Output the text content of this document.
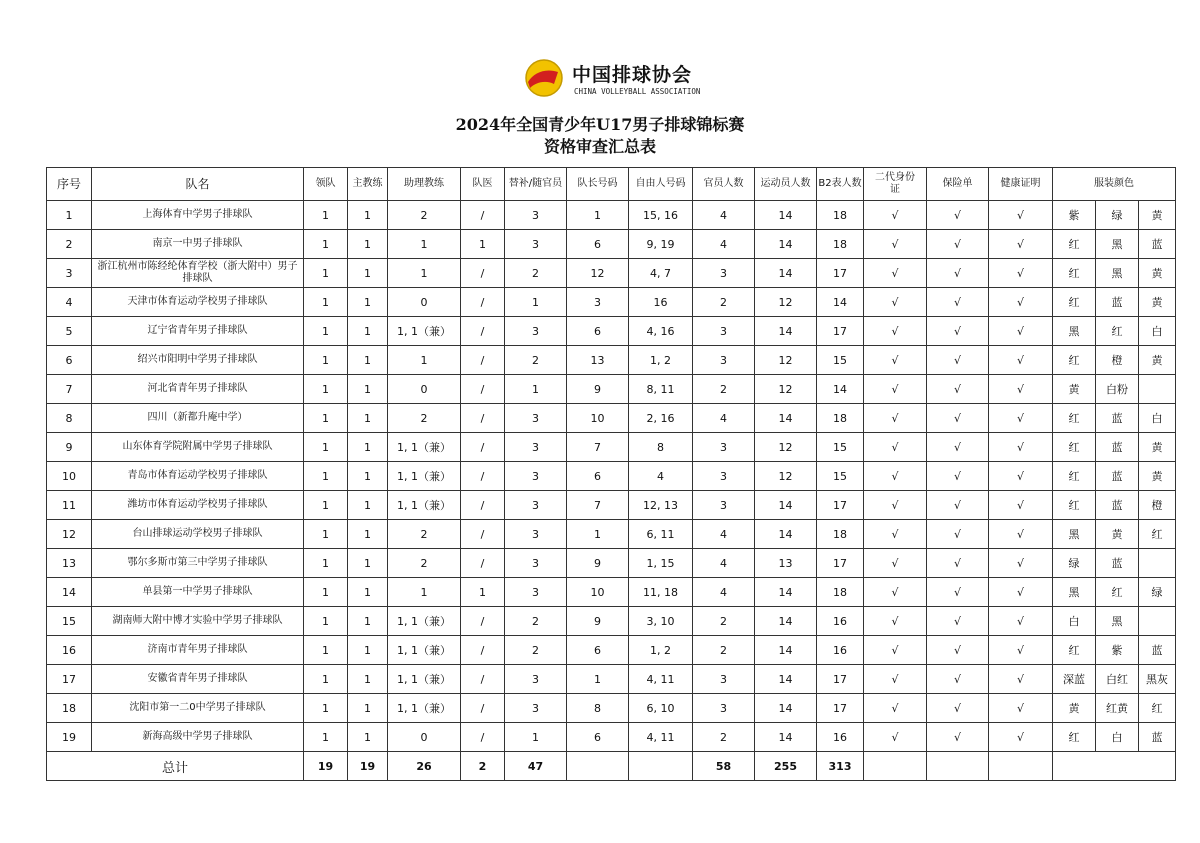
中国排球协会
CHINA VOLLEYBALL ASSOCIATION
2024年全国青少年U17男子排球锦标赛
资格审查汇总表
序号	队名	领队	主教练	助理教练	队医	替补/随官员	队长号码	自由人号码	官员人数	运动员人数	B2表人数	二代身份证	保险单	健康证明	服装颜色		
1	上海体育中学男子排球队	1	1	2	/	3	1	15, 16	4	14	18	√	√	√	紫	绿	黄
2	南京一中男子排球队	1	1	1	1	3	6	9, 19	4	14	18	√	√	√	红	黑	蓝
3	浙江杭州市陈经纶体育学校（浙大附中）男子排球队	1	1	1	/	2	12	4, 7	3	14	17	√	√	√	红	黑	黄
4	天津市体育运动学校男子排球队	1	1	0	/	1	3	16	2	12	14	√	√	√	红	蓝	黄
5	辽宁省青年男子排球队	1	1	1, 1（兼）	/	3	6	4, 16	3	14	17	√	√	√	黑	红	白
6	绍兴市阳明中学男子排球队	1	1	1	/	2	13	1, 2	3	12	15	√	√	√	红	橙	黄
7	河北省青年男子排球队	1	1	0	/	1	9	8, 11	2	12	14	√	√	√	黄	白粉	
8	四川（新都升庵中学）	1	1	2	/	3	10	2, 16	4	14	18	√	√	√	红	蓝	白
9	山东体育学院附属中学男子排球队	1	1	1, 1（兼）	/	3	7	8	3	12	15	√	√	√	红	蓝	黄
10	青岛市体育运动学校男子排球队	1	1	1, 1（兼）	/	3	6	4	3	12	15	√	√	√	红	蓝	黄
11	潍坊市体育运动学校男子排球队	1	1	1, 1（兼）	/	3	7	12, 13	3	14	17	√	√	√	红	蓝	橙
12	台山排球运动学校男子排球队	1	1	2	/	3	1	6, 11	4	14	18	√	√	√	黑	黄	红
13	鄂尔多斯市第三中学男子排球队	1	1	2	/	3	9	1, 15	4	13	17	√	√	√	绿	蓝	
14	单县第一中学男子排球队	1	1	1	1	3	10	11, 18	4	14	18	√	√	√	黑	红	绿
15	湖南师大附中博才实验中学男子排球队	1	1	1, 1（兼）	/	2	9	3, 10	2	14	16	√	√	√	白	黑	
16	济南市青年男子排球队	1	1	1, 1（兼）	/	2	6	1, 2	2	14	16	√	√	√	红	紫	蓝
17	安徽省青年男子排球队	1	1	1, 1（兼）	/	3	1	4, 11	3	14	17	√	√	√	深蓝	白红	黑灰
18	沈阳市第一二0中学男子排球队	1	1	1, 1（兼）	/	3	8	6, 10	3	14	17	√	√	√	黄	红黄	红
19	新海高级中学男子排球队	1	1	0	/	1	6	4, 11	2	14	16	√	√	√	红	白	蓝
总计		19	19	26	2	47			58	255	313						
